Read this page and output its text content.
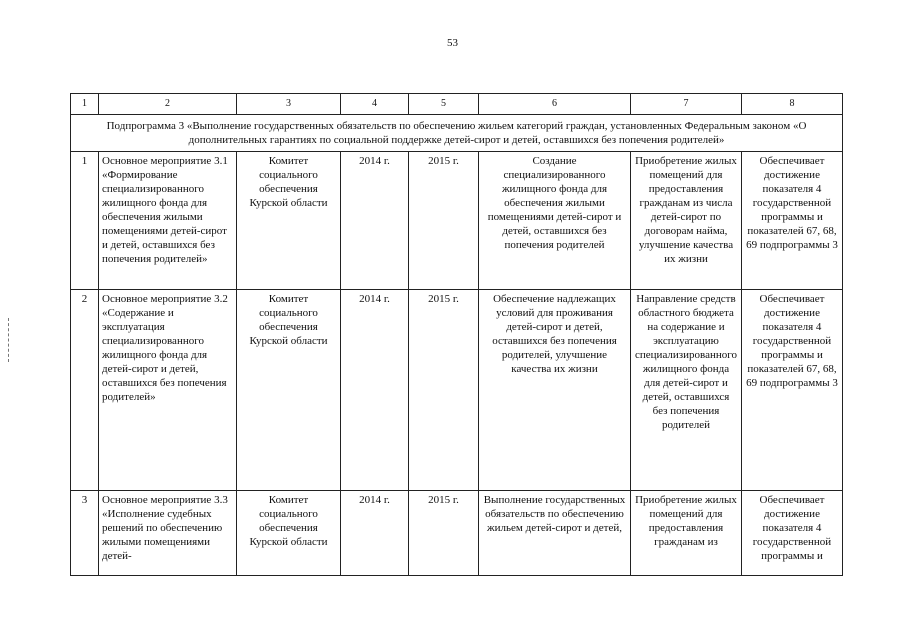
53
1	2	3	4	5	6	7	8
Подпрограмма 3 «Выполнение государственных обязательств по обеспечению жильем категорий граждан, установленных Федеральным законом «О дополнительных гарантиях по социальной поддержке детей-сирот и детей, оставшихся без попечения родителей»							
1	Основное мероприятие 3.1 «Формирование специализированного жилищного фонда для обеспечения жилыми помещениями детей-сирот и детей, оставшихся без попечения родителей»	Комитет социального обеспечения Курской области	2014 г.	2015 г.	Создание специализированного жилищного фонда для обеспечения жилыми помещениями детей-сирот и детей, оставшихся без попечения родителей	Приобретение жилых помещений для предоставления гражданам из числа детей-сирот по договорам найма, улучшение качества их жизни	Обеспечивает достижение показателя 4 государственной программы и показателей 67, 68, 69 подпрограммы 3
2	Основное мероприятие 3.2 «Содержание и эксплуатация специализированного жилищного фонда для детей-сирот и детей, оставшихся без попечения родителей»	Комитет социального обеспечения Курской области	2014 г.	2015 г.	Обеспечение надлежащих условий для проживания детей-сирот и детей, оставшихся без попечения родителей, улучшение качества их жизни	Направление средств областного бюджета на содержание и эксплуатацию специализированного жилищного фонда для детей-сирот и детей, оставшихся без попечения родителей	Обеспечивает достижение показателя 4 государственной программы и показателей 67, 68, 69 подпрограммы 3
3	Основное мероприятие 3.3 «Исполнение судебных решений по обеспечению жилыми помещениями детей-	Комитет социального обеспечения Курской области	2014 г.	2015 г.	Выполнение государственных обязательств по обеспечению жильем детей-сирот и детей,	Приобретение жилых помещений для предоставления гражданам из	Обеспечивает достижение показателя 4 государственной программы и
